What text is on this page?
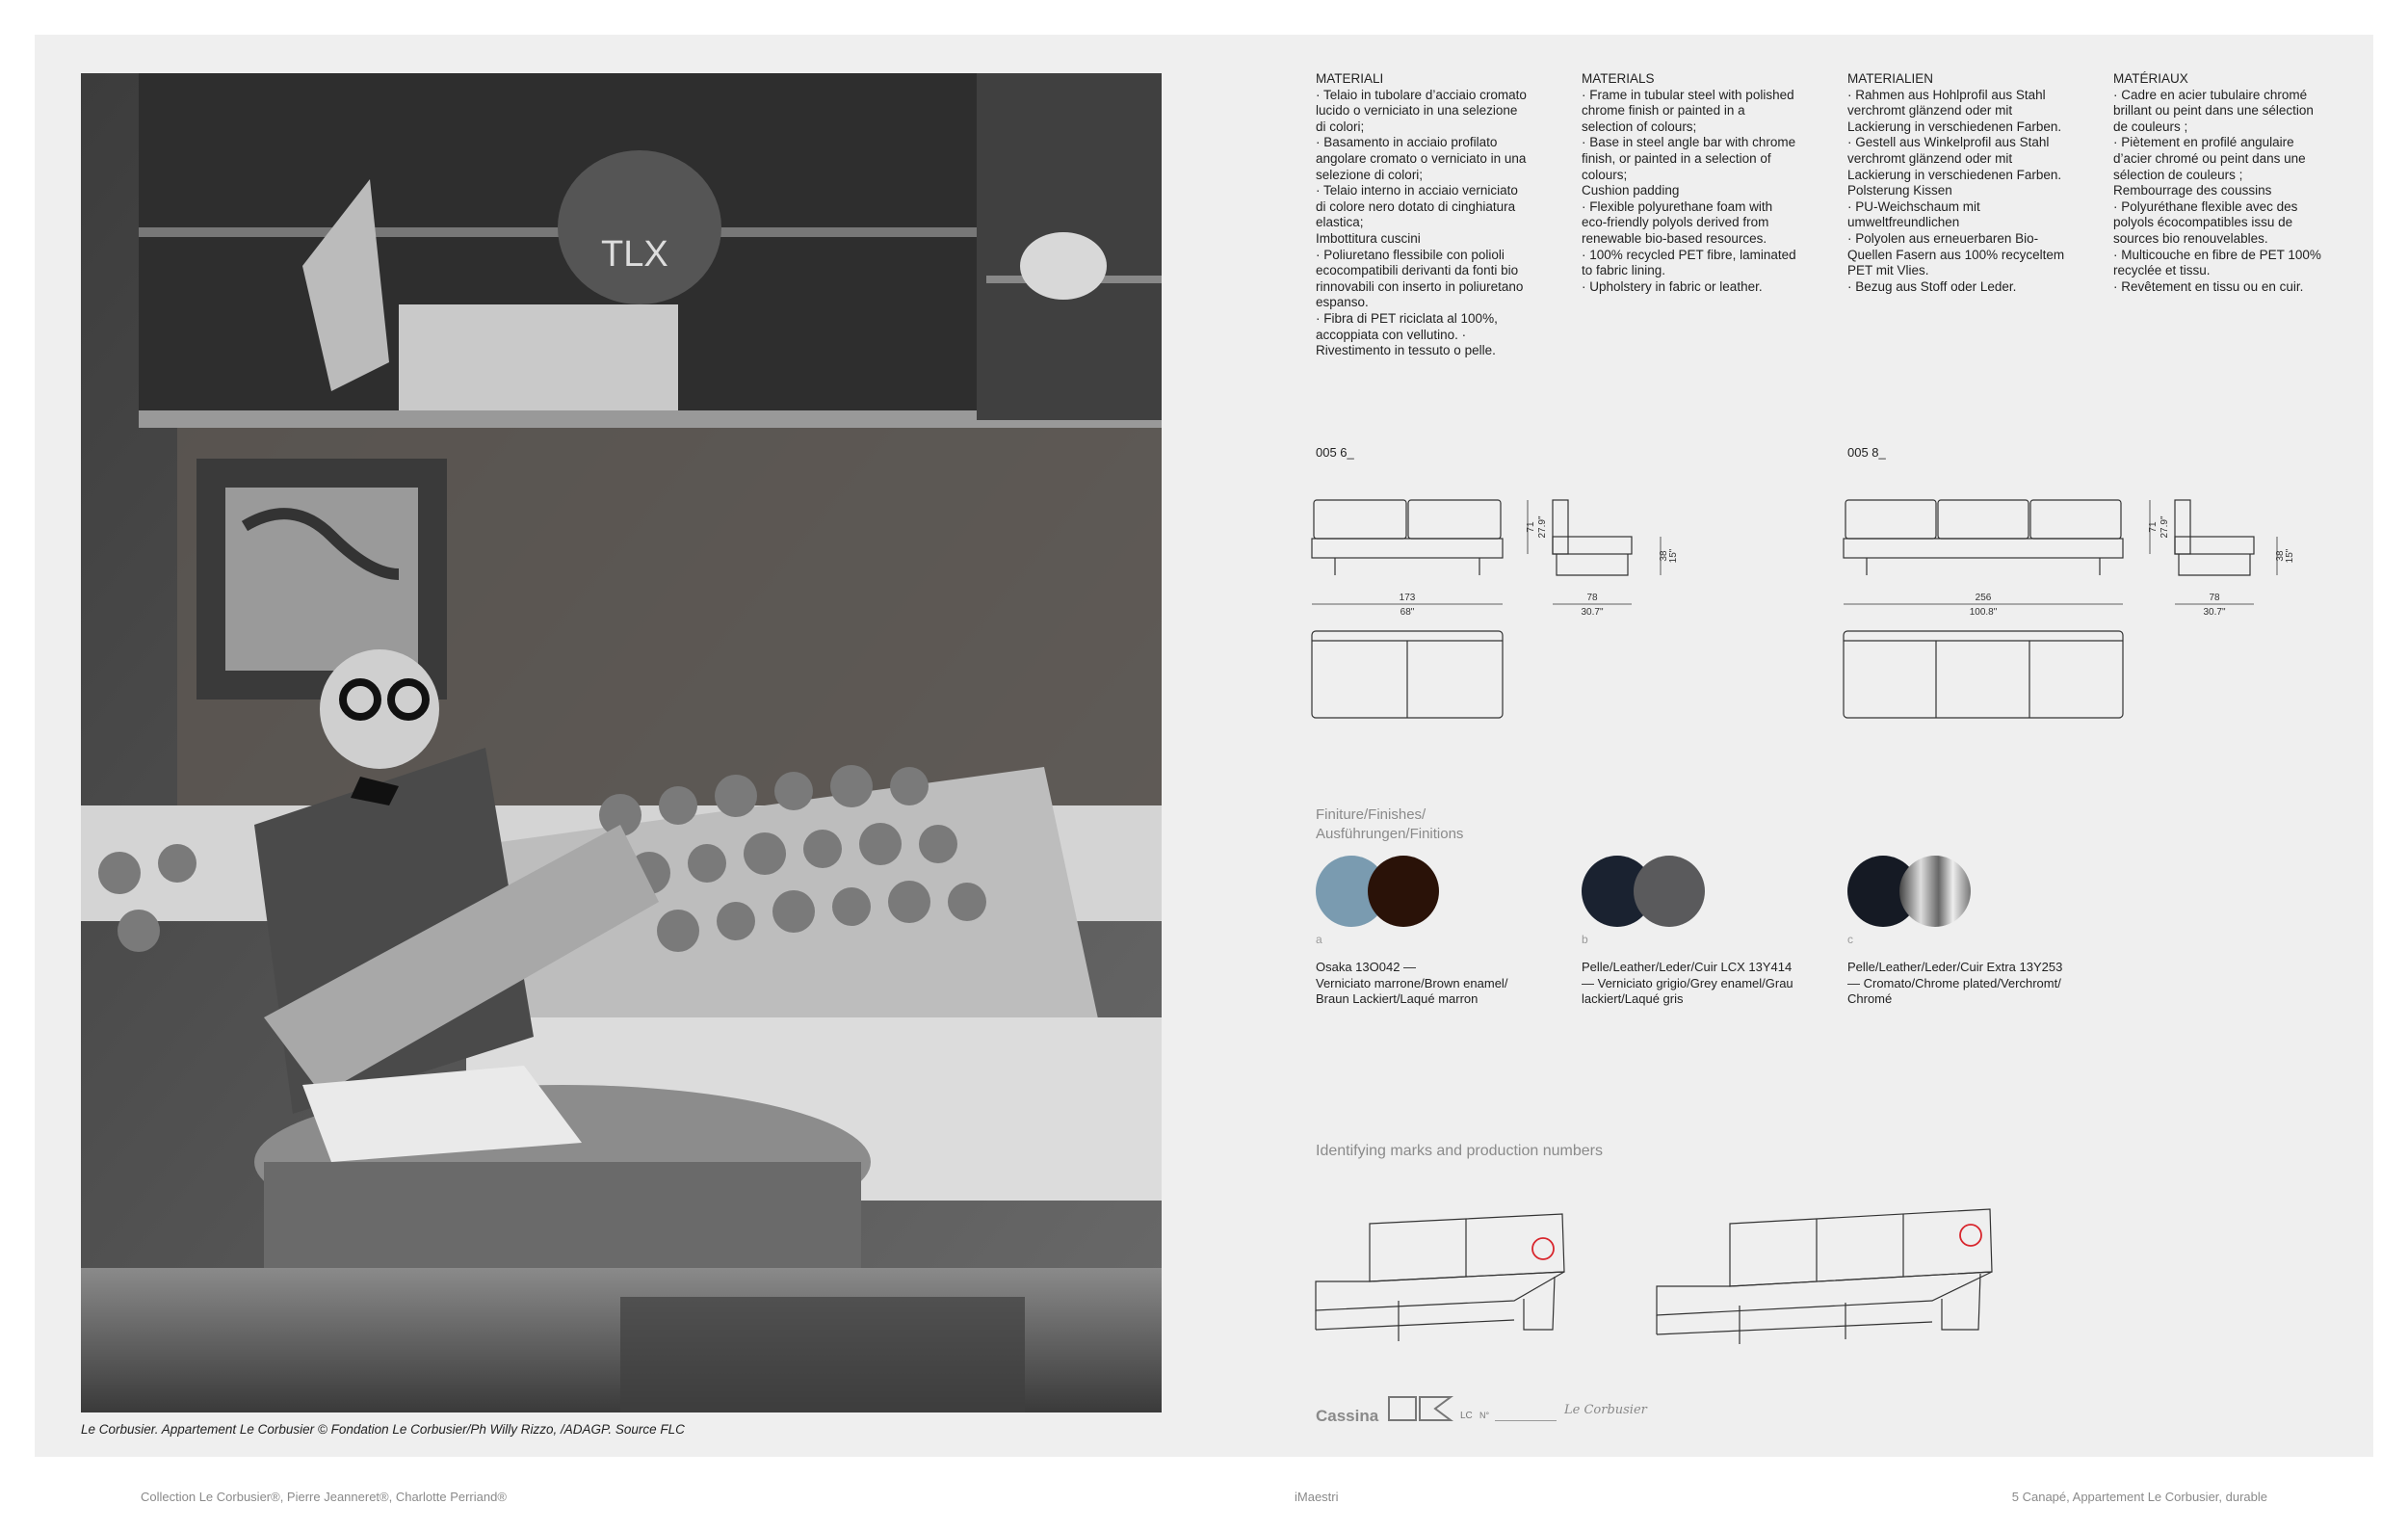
TLX
Le Corbusier. Appartement Le Corbusier © Fondation Le Corbusier/Ph Willy Rizzo, /ADAGP. Source FLC
MATERIALI
· Telaio in tubolare d’acciaio cromato
lucido o verniciato in una selezione
di colori;
· Basamento in acciaio profilato
angolare cromato o verniciato in una
selezione di colori;
· Telaio interno in acciaio verniciato
di colore nero dotato di cinghiatura
elastica;
Imbottitura cuscini
· Poliuretano flessibile con polioli
ecocompatibili derivanti da fonti bio
rinnovabili con inserto in poliuretano
espanso.
· Fibra di PET riciclata al 100%,
accoppiata con vellutino. ·
Rivestimento in tessuto o pelle.
MATERIALS
· Frame in tubular steel with polished
chrome finish or painted in a
selection of colours;
· Base in steel angle bar with chrome
finish, or painted in a selection of
colours;
Cushion padding
· Flexible polyurethane foam with
eco-friendly polyols derived from
renewable bio-based resources.
· 100% recycled PET fibre, laminated
to fabric lining.
· Upholstery in fabric or leather.
MATERIALIEN
· Rahmen aus Hohlprofil aus Stahl
verchromt glänzend oder mit
Lackierung in verschiedenen Farben.
· Gestell aus Winkelprofil aus Stahl
verchromt glänzend oder mit
Lackierung in verschiedenen Farben.
Polsterung Kissen
· PU-Weichschaum mit
umweltfreundlichen
· Polyolen aus erneuerbaren Bio-
Quellen Fasern aus 100% recyceltem
PET mit Vlies.
· Bezug aus Stoff oder Leder.
MATÉRIAUX
· Cadre en acier tubulaire chromé
brillant ou peint dans une sélection
de couleurs ;
· Piètement en profilé angulaire
d’acier chromé ou peint dans une
sélection de couleurs ;
Rembourrage des coussins
· Polyuréthane flexible avec des
polyols écocompatibles issu de
sources bio renouvelables.
· Multicouche en fibre de PET 100%
recyclée et tissu.
· Revêtement en tissu ou en cuir.
005 6_	005 8_
173
68"
71 27.9"
78
30.7"
38 15"
256
100.8"
71 27.9"
78
30.7"
38 15"
Finiture/Finishes/
Ausführungen/Finitions
a	b	c
Osaka 13O042 —
Verniciato marrone/Brown enamel/
Braun Lackiert/Laqué marron
Pelle/Leather/Leder/Cuir LCX 13Y414
— Verniciato grigio/Grey enamel/Grau
lackiert/Laqué gris
Pelle/Leather/Leder/Cuir Extra 13Y253
— Cromato/Chrome plated/Verchromt/
Chromé
Identifying marks and production numbers
Cassina	LC N°	Le Corbusier
Collection Le Corbusier®, Pierre Jeanneret®, Charlotte Perriand®	iMaestri	5 Canapé, Appartement Le Corbusier, durable
